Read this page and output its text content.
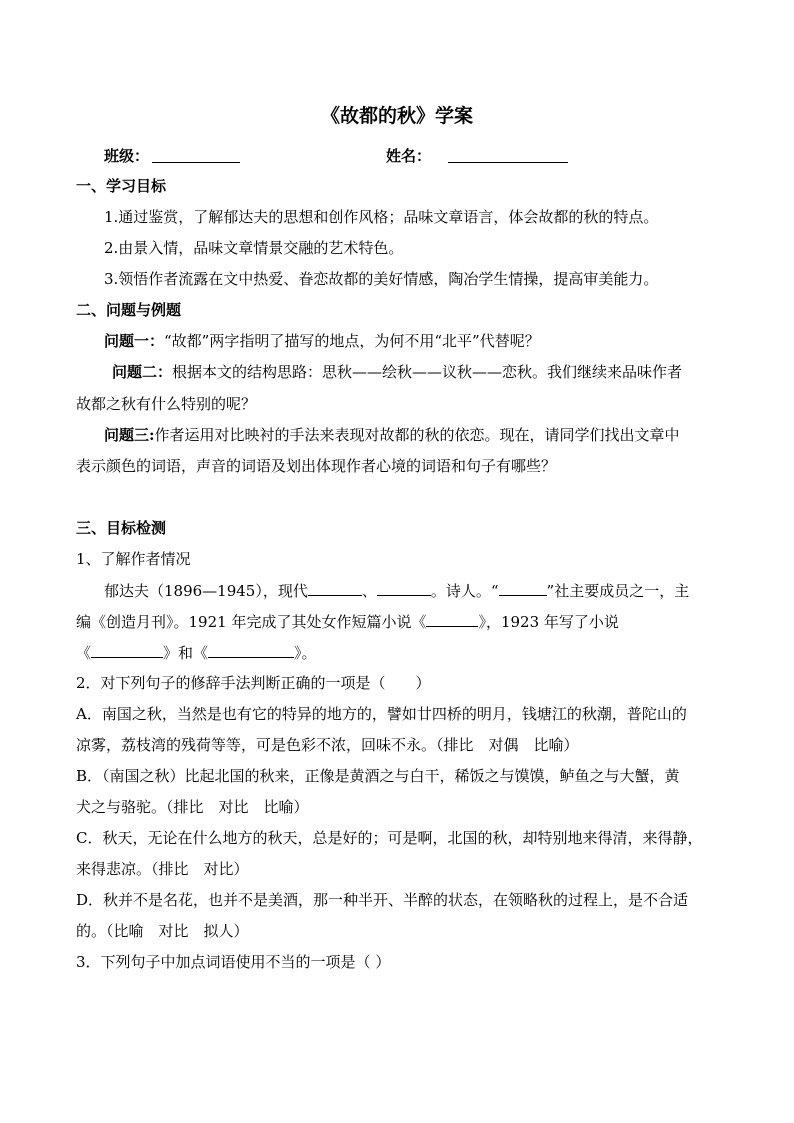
《故都的秋》学案
班级：	姓名：
一、学习目标
1.通过鉴赏，了解郁达夫的思想和创作风格；品味文章语言，体会故都的秋的特点。
2.由景入情，品味文章情景交融的艺术特色。
3.领悟作者流露在文中热爱、眷恋故都的美好情感，陶冶学生情操，提高审美能力。
二、问题与例题
问题一：“故都”两字指明了描写的地点，为何不用“北平”代替呢？
问题二：根据本文的结构思路：思秋——绘秋——议秋——恋秋。我们继续来品味作者
故都之秋有什么特别的呢？
问题三:作者运用对比映衬的手法来表现对故都的秋的依恋。现在，请同学们找出文章中
表示颜色的词语，声音的词语及划出体现作者心境的词语和句子有哪些？
三、目标检测
1、了解作者情况
郁达夫（1896—1945），现代	、	。诗人。“	”社主要成员之一，主
编《创造月刊》。1921 年完成了其处女作短篇小说《	》，1923 年写了小说
《	》和《	》。
2．对下列句子的修辞手法判断正确的一项是（　　）
A．南国之秋，当然是也有它的特异的地方的，譬如廿四桥的明月，钱塘江的秋潮，普陀山的
凉雾，荔枝湾的残荷等等，可是色彩不浓，回味不永。（排比　对偶　比喻）
B．（南国之秋）比起北国的秋来，正像是黄酒之与白干，稀饭之与馍馍，鲈鱼之与大蟹，黄
犬之与骆驼。（排比　对比　比喻）
C．秋天，无论在什么地方的秋天，总是好的；可是啊，北国的秋，却特别地来得清，来得静，
来得悲凉。（排比　对比）
D．秋并不是名花，也并不是美酒，那一种半开、半醉的状态，在领略秋的过程上，是不合适
的。（比喻　对比　拟人）
3．下列句子中加点词语使用不当的一项是（ ）
